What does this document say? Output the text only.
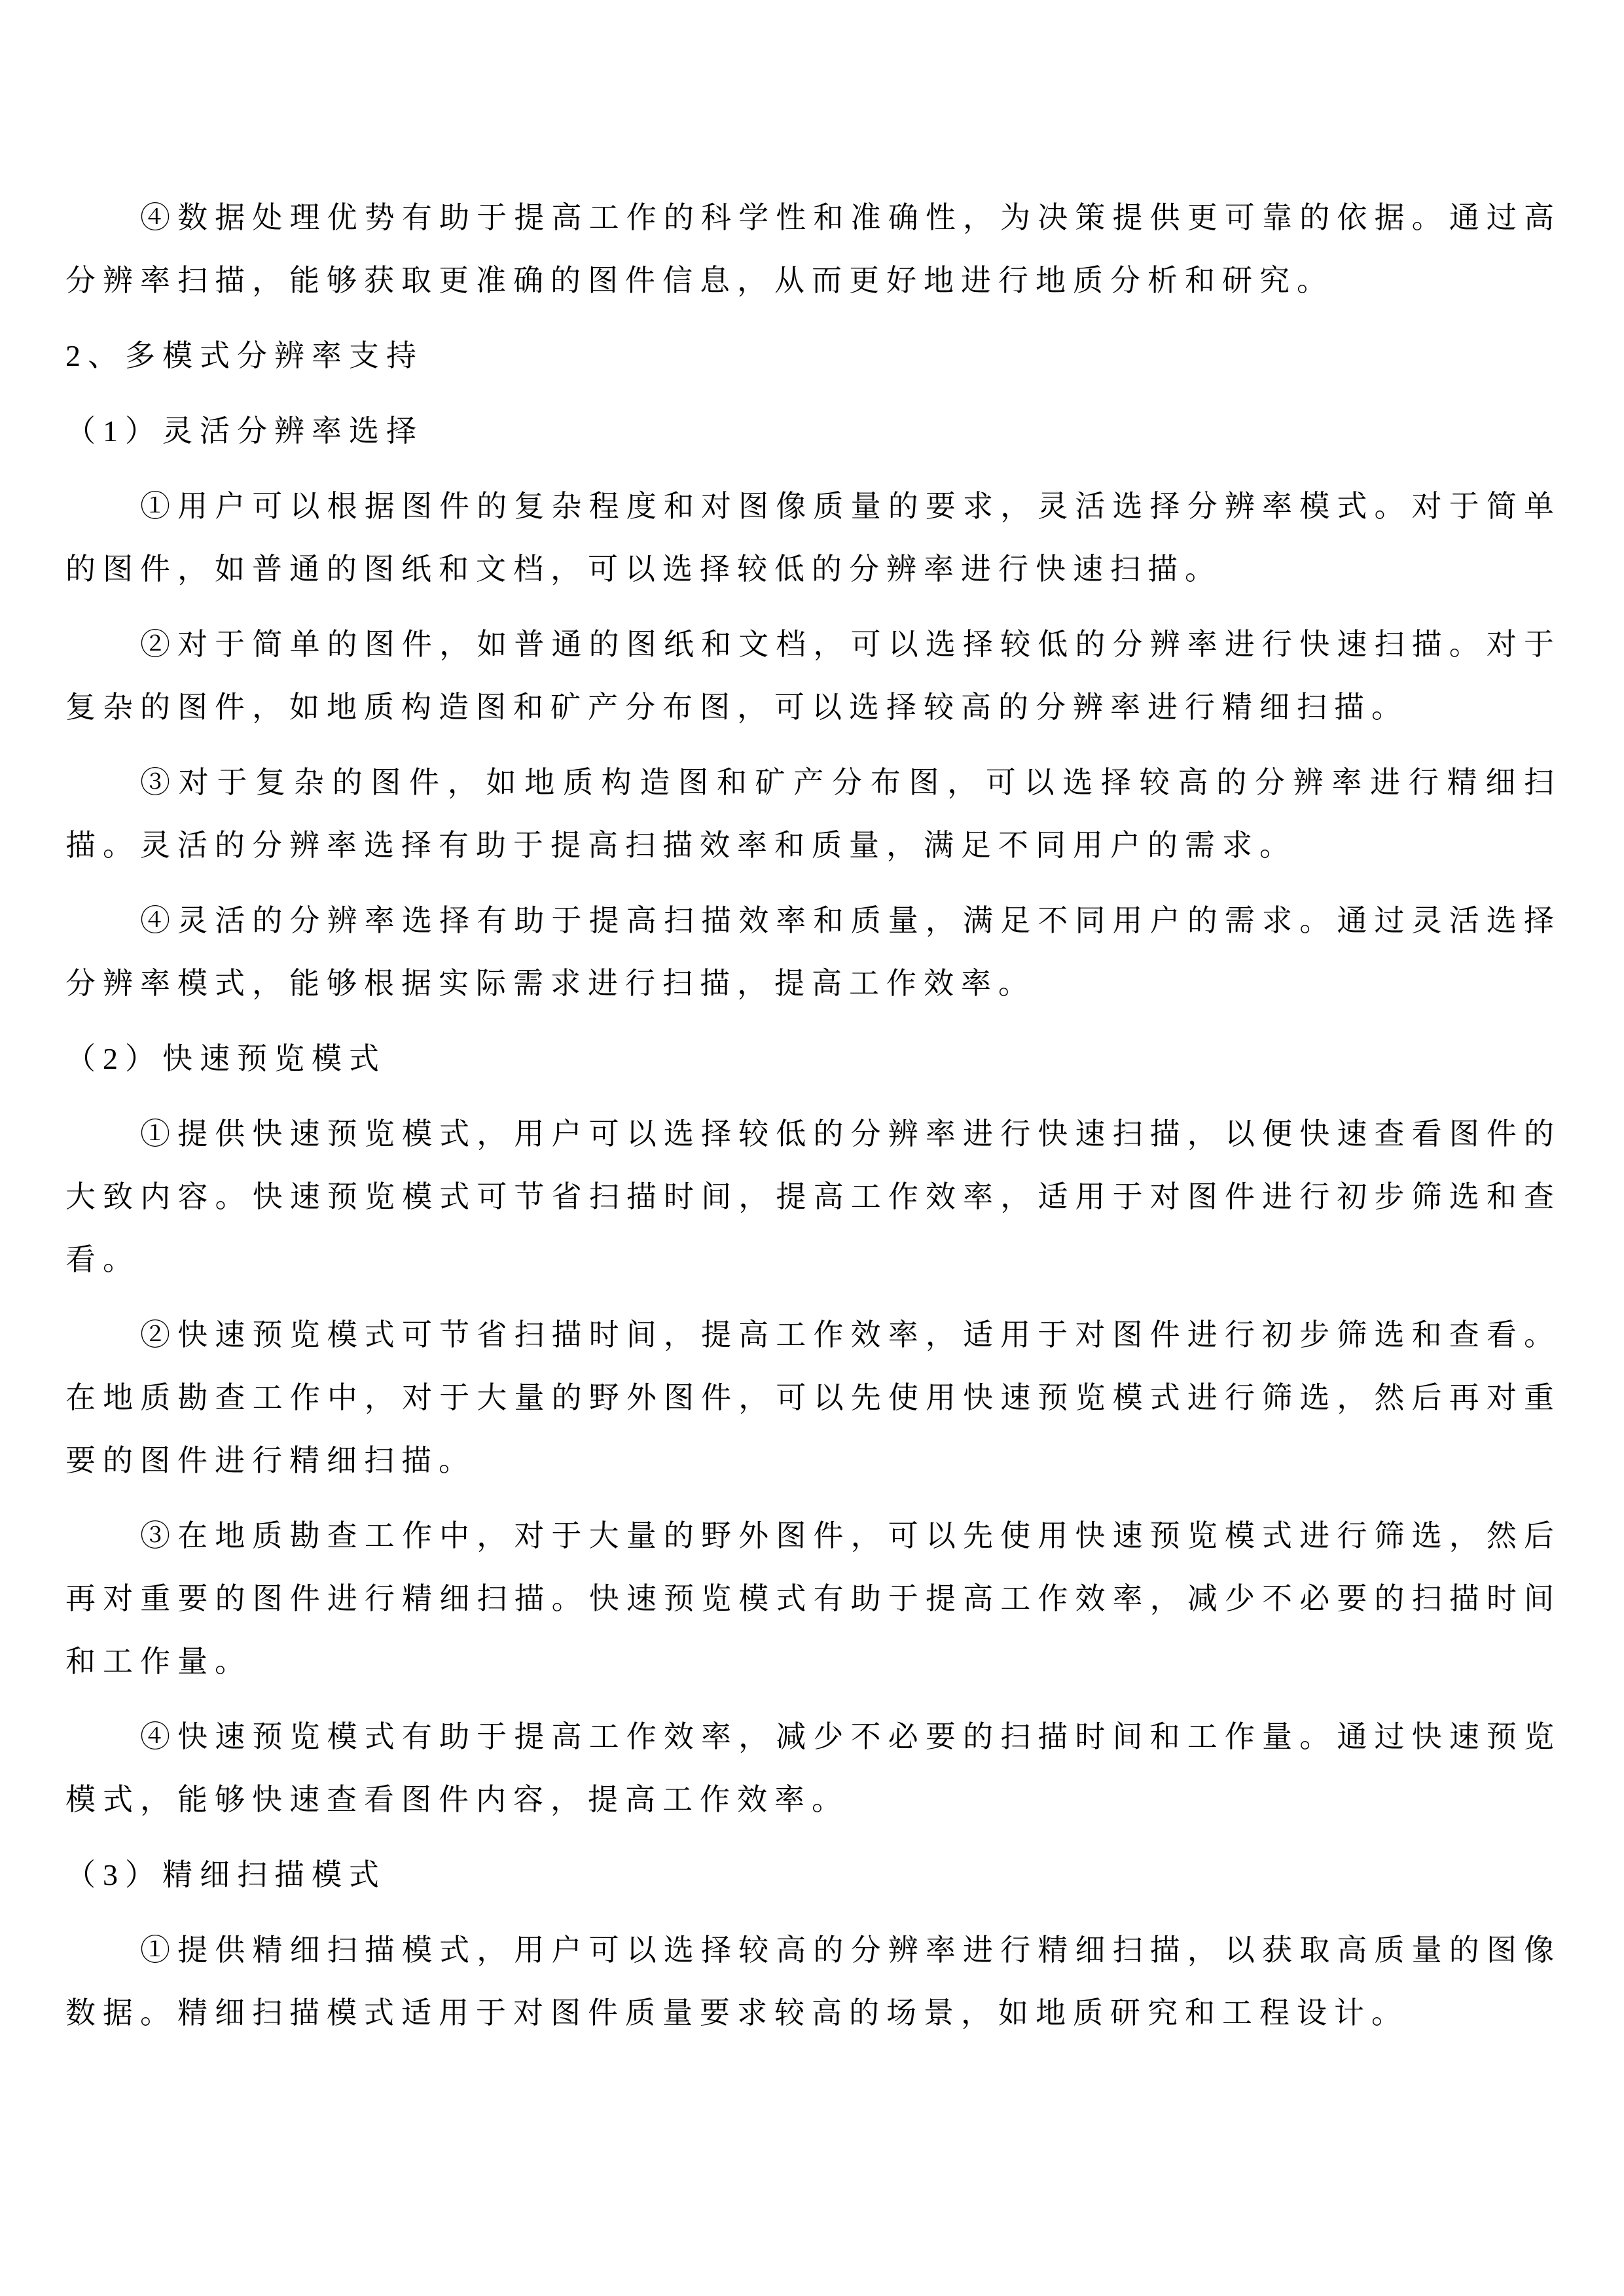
④数据处理优势有助于提高工作的科学性和准确性，为决策提供更可靠的依据。通过高分辨率扫描，能够获取更准确的图件信息，从而更好地进行地质分析和研究。

2、多模式分辨率支持

（1）灵活分辨率选择

①用户可以根据图件的复杂程度和对图像质量的要求，灵活选择分辨率模式。对于简单的图件，如普通的图纸和文档，可以选择较低的分辨率进行快速扫描。

②对于简单的图件，如普通的图纸和文档，可以选择较低的分辨率进行快速扫描。对于复杂的图件，如地质构造图和矿产分布图，可以选择较高的分辨率进行精细扫描。

③对于复杂的图件，如地质构造图和矿产分布图，可以选择较高的分辨率进行精细扫描。灵活的分辨率选择有助于提高扫描效率和质量，满足不同用户的需求。

④灵活的分辨率选择有助于提高扫描效率和质量，满足不同用户的需求。通过灵活选择分辨率模式，能够根据实际需求进行扫描，提高工作效率。

（2）快速预览模式

①提供快速预览模式，用户可以选择较低的分辨率进行快速扫描，以便快速查看图件的大致内容。快速预览模式可节省扫描时间，提高工作效率，适用于对图件进行初步筛选和查看。

②快速预览模式可节省扫描时间，提高工作效率，适用于对图件进行初步筛选和查看。在地质勘查工作中，对于大量的野外图件，可以先使用快速预览模式进行筛选，然后再对重要的图件进行精细扫描。

③在地质勘查工作中，对于大量的野外图件，可以先使用快速预览模式进行筛选，然后再对重要的图件进行精细扫描。快速预览模式有助于提高工作效率，减少不必要的扫描时间和工作量。

④快速预览模式有助于提高工作效率，减少不必要的扫描时间和工作量。通过快速预览模式，能够快速查看图件内容，提高工作效率。

（3）精细扫描模式

①提供精细扫描模式，用户可以选择较高的分辨率进行精细扫描，以获取高质量的图像数据。精细扫描模式适用于对图件质量要求较高的场景，如地质研究和工程设计。
